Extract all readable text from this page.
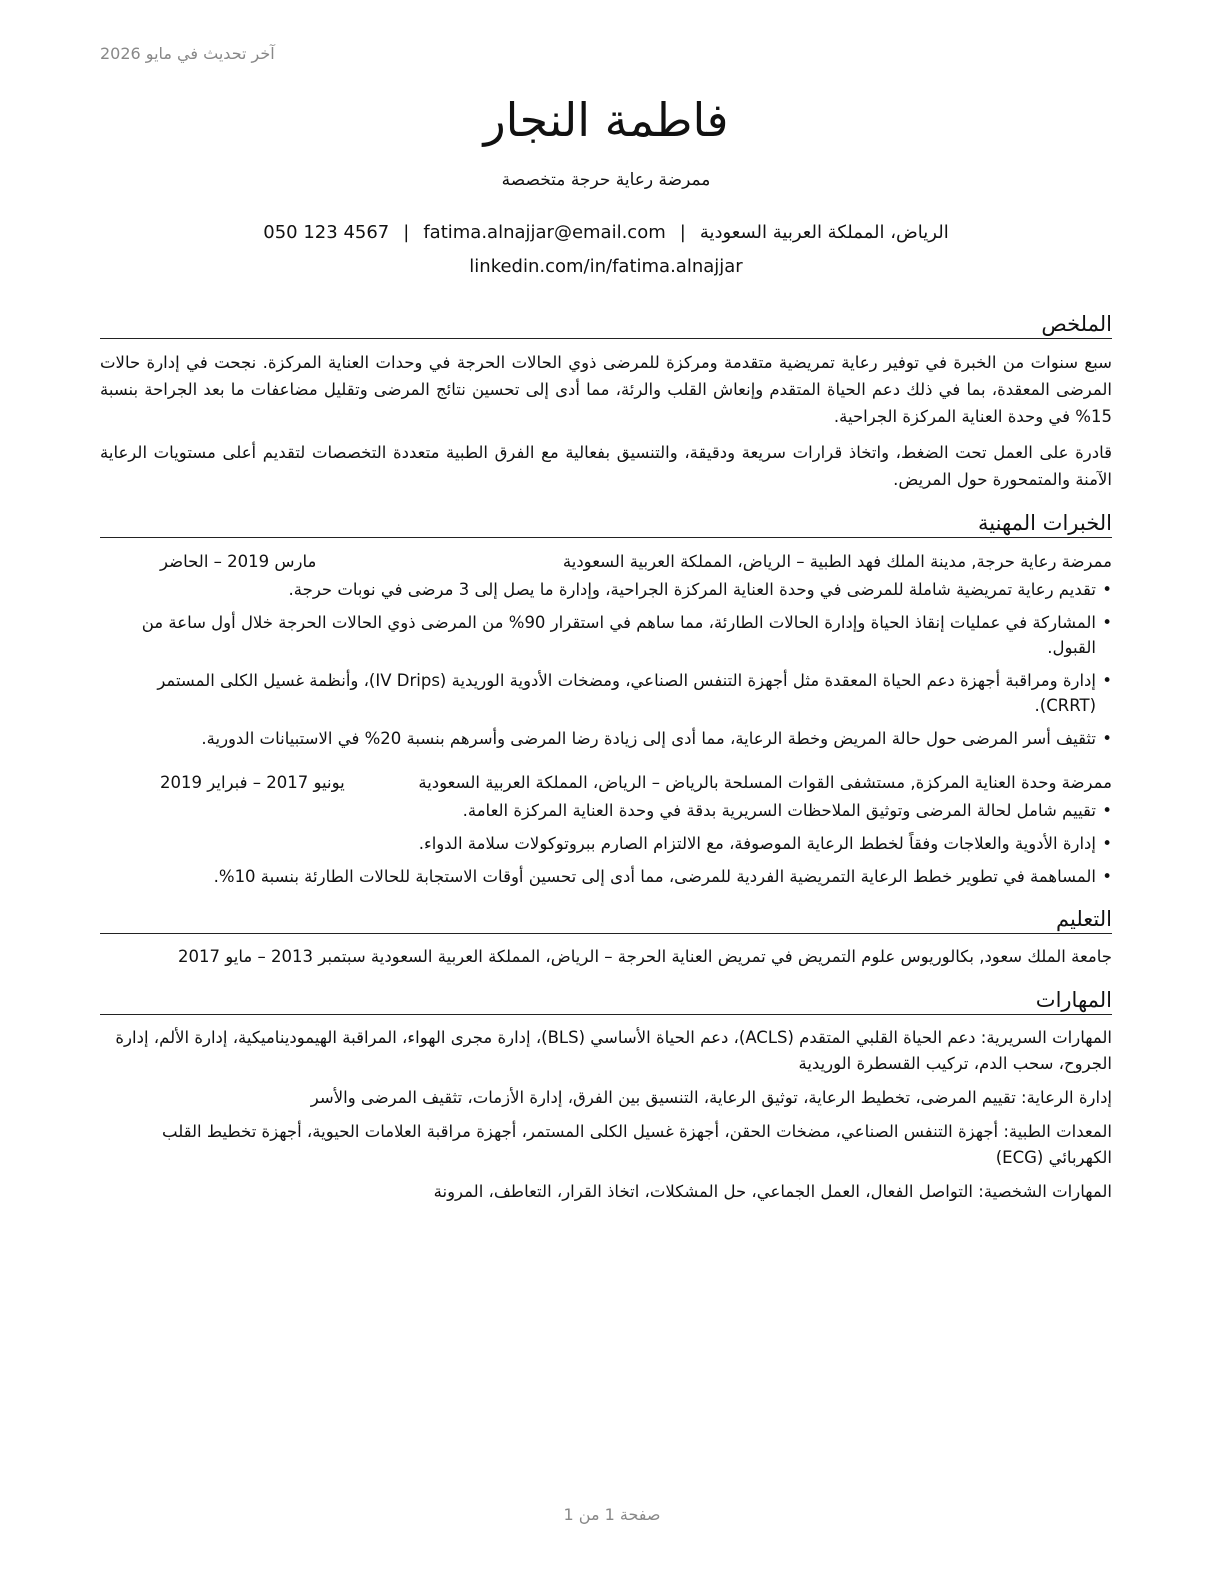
آخر تحديث في مايو 2026
فاطمة النجار
ممرضة رعاية حرجة متخصصة
الرياض، المملكة العربية السعودية|fatima.alnajjar@email.com|050 123 4567
linkedin.com/in/fatima.alnajjar
الملخص

سبع سنوات من الخبرة في توفير رعاية تمريضية متقدمة ومركزة للمرضى ذوي الحالات الحرجة في وحدات العناية المركزة. نجحت في إدارة حالات المرضى المعقدة، بما في ذلك دعم الحياة المتقدم وإنعاش القلب والرئة، مما أدى إلى تحسين نتائج المرضى وتقليل مضاعفات ما بعد الجراحة بنسبة 15% في وحدة العناية المركزة الجراحية.

قادرة على العمل تحت الضغط، واتخاذ قرارات سريعة ودقيقة، والتنسيق بفعالية مع الفرق الطبية متعددة التخصصات لتقديم أعلى مستويات الرعاية الآمنة والمتمحورة حول المريض.

الخبرات المهنية
ممرضة رعاية حرجة, مدينة الملك فهد الطبية – الرياض، المملكة العربية السعودية
مارس 2019 – الحاضر
• تقديم رعاية تمريضية شاملة للمرضى في وحدة العناية المركزة الجراحية، وإدارة ما يصل إلى 3 مرضى في نوبات حرجة.
• المشاركة في عمليات إنقاذ الحياة وإدارة الحالات الطارئة، مما ساهم في استقرار 90% من المرضى ذوي الحالات الحرجة خلال أول ساعة من القبول.
• إدارة ومراقبة أجهزة دعم الحياة المعقدة مثل أجهزة التنفس الصناعي، ومضخات الأدوية الوريدية (IV Drips)، وأنظمة غسيل الكلى المستمر (CRRT).
• تثقيف أسر المرضى حول حالة المريض وخطة الرعاية، مما أدى إلى زيادة رضا المرضى وأسرهم بنسبة 20% في الاستبيانات الدورية.
ممرضة وحدة العناية المركزة, مستشفى القوات المسلحة بالرياض – الرياض، المملكة العربية السعودية
يونيو 2017 – فبراير 2019
• تقييم شامل لحالة المرضى وتوثيق الملاحظات السريرية بدقة في وحدة العناية المركزة العامة.
• إدارة الأدوية والعلاجات وفقاً لخطط الرعاية الموصوفة، مع الالتزام الصارم ببروتوكولات سلامة الدواء.
• المساهمة في تطوير خطط الرعاية التمريضية الفردية للمرضى، مما أدى إلى تحسين أوقات الاستجابة للحالات الطارئة بنسبة 10%.
التعليم
جامعة الملك سعود, بكالوريوس علوم التمريض في تمريض العناية الحرجة – الرياض، المملكة العربية السعودية سبتمبر 2013 – مايو 2017
المهارات
المهارات السريرية: دعم الحياة القلبي المتقدم (ACLS)، دعم الحياة الأساسي (BLS)، إدارة مجرى الهواء، المراقبة الهيموديناميكية، إدارة الألم، إدارة الجروح، سحب الدم، تركيب القسطرة الوريدية
إدارة الرعاية: تقييم المرضى، تخطيط الرعاية، توثيق الرعاية، التنسيق بين الفرق، إدارة الأزمات، تثقيف المرضى والأسر
المعدات الطبية: أجهزة التنفس الصناعي، مضخات الحقن، أجهزة غسيل الكلى المستمر، أجهزة مراقبة العلامات الحيوية، أجهزة تخطيط القلب الكهربائي (ECG)
المهارات الشخصية: التواصل الفعال، العمل الجماعي، حل المشكلات، اتخاذ القرار، التعاطف، المرونة
صفحة 1 من 1
